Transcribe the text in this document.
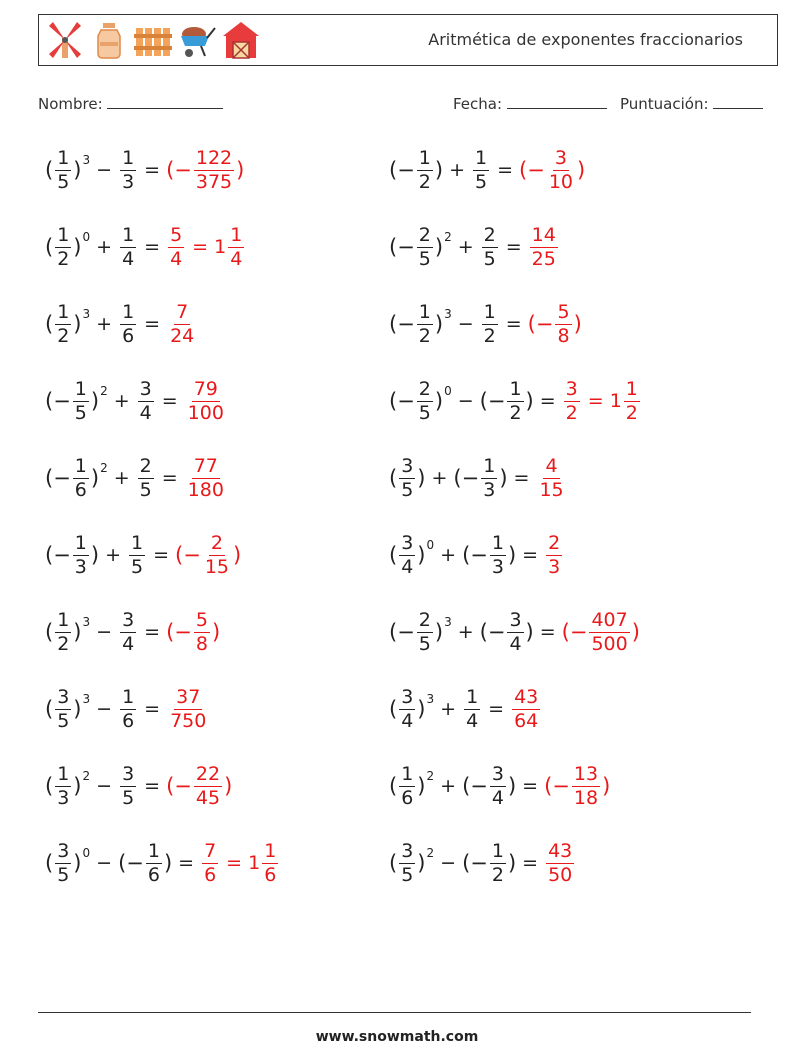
Aritmética de exponentes fraccionarios
Nombre:	Fecha:	Puntuación:
( $\frac{1}{5}$ ) $3 - \frac{1}{3}$ = (− $\frac{122}{375}$ )	(− $\frac{1}{2}$ ) + $\frac{1}{5}$ = (− $\frac{3}{10}$ )
( $\frac{1}{2}$ ) $0 + \frac{1}{4} = \frac{5}{4} = 1 \frac{1}{4}$	(− $\frac{2}{5}$ ) $2 + \frac{2}{5} = \frac{14}{25}$
( $\frac{1}{2}$ ) $3 + \frac{1}{6} = \frac{7}{24}$	(− $\frac{1}{2}$ ) $3 - \frac{1}{2}$ = (− $\frac{5}{8}$ )
(− $\frac{1}{5}$ ) $2 + \frac{3}{4} = \frac{79}{100}$	(− $\frac{2}{5}$ ) 0 − (− $\frac{1}{2}$ ) = $\frac{3}{2} = 1 \frac{1}{2}$
(− $\frac{1}{6}$ ) $2 + \frac{2}{5} = \frac{77}{180}$	( $\frac{3}{5}$ ) + (− $\frac{1}{3}$ ) = $\frac{4}{15}$
(− $\frac{1}{3}$ ) + $\frac{1}{5}$ = (− $\frac{2}{15}$ )	( $\frac{3}{4}$ ) 0 + (− $\frac{1}{3}$ ) = $\frac{2}{3}$
( $\frac{1}{2}$ ) $3 - \frac{3}{4}$ = (− $\frac{5}{8}$ )	(− $\frac{2}{5}$ ) 3 + (− $\frac{3}{4}$ ) = (− $\frac{407}{500}$ )
( $\frac{3}{5}$ ) $3 - \frac{1}{6} = \frac{37}{750}$	( $\frac{3}{4}$ ) $3 + \frac{1}{4} = \frac{43}{64}$
( $\frac{1}{3}$ ) $2 - \frac{3}{5}$ = (− $\frac{22}{45}$ )	( $\frac{1}{6}$ ) 2 + (− $\frac{3}{4}$ ) = (− $\frac{13}{18}$ )
( $\frac{3}{5}$ ) 0 − (− $\frac{1}{6}$ ) = $\frac{7}{6} = 1 \frac{1}{6}$	( $\frac{3}{5}$ ) 2 − (− $\frac{1}{2}$ ) = $\frac{43}{50}$
www.snowmath.com
